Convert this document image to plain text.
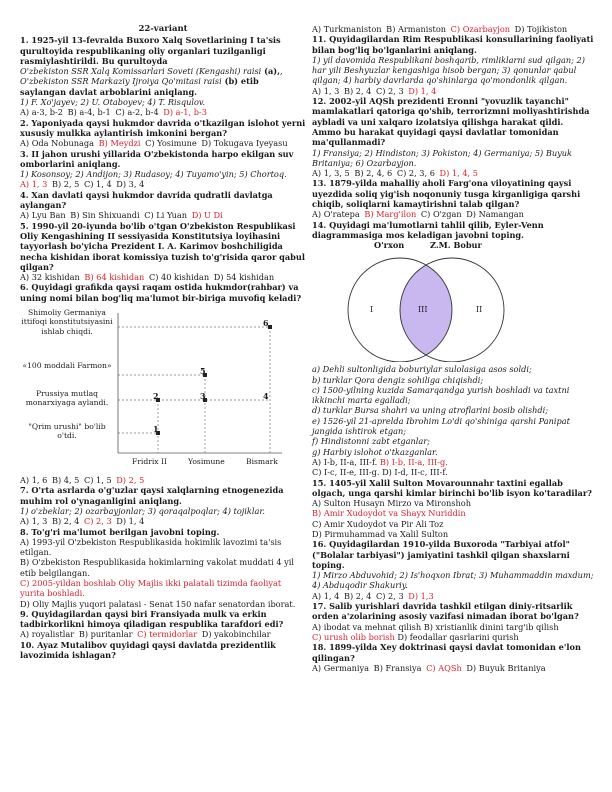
22-variant
1. 1925-yil 13-fevralda Buxoro Xalq Sovetlarining I ta'sis qurultoyida respublikaning oliy organlari tuzilganligi rasmiylashtirildi. Bu qurultoyda
O'zbekiston SSR Xalq Komissarlari Soveti (Kengashi) raisi (a),, O'zbekiston SSR Markaziy Ijroiya Qo'mitasi raisi (b) etib saylangan davlat arboblarini aniqlang.
1) F. Xo'jayev; 2) U. Otaboyev; 4) T. Risqulov.
A) a-3, b-2 B) a-4, b-1 C) a-2, b-4 D) a-1, b-3
2. Yaponiyada qaysi hukmdor davrida o'tkazilgan islohot yerni xususiy mulkka aylantirish imkonini bergan?
A) Oda Nobunaga B) Meydzi C) Yosimune D) Tokugava Iyeyasu
3. II jahon urushi yillarida O'zbekistonda harpo ekilgan suv omborlarini aniqlang.
1) Kosonsoy; 2) Andijon; 3) Rudasoy; 4) Tuyamo'yin; 5) Chortoq.
A) 1, 3 B) 2, 5 C) 1, 4 D) 3, 4
4. Xan davlati qaysi hukmdor davrida qudratli davlatga aylangan?
A) Lyu Ban B) Sin Shixuandi C) Li Yuan D) U Di
5. 1990-yil 20-iyunda bo'lib o'tgan O'zbekiston Respublikasi Oliy Kengashining II sessiyasida Konstitutsiya loyihasini tayyorlash bo'yicha Prezident I. A. Karimov boshchiligida necha kishidan iborat komissiya tuzish to'g'risida qaror qabul qilgan?
A) 32 kishidan B) 64 kishidan C) 40 kishidan D) 54 kishidan
6. Quyidagi grafikda qaysi raqam ostida hukmdor(rahbar) va uning nomi bilan bog'liq ma'lumot bir-biriga muvofiq keladi?
Shimoliy Germaniya ittifoqi konstitutsiyasini ishlab chiqdi.
«100 moddali Farmon»
Prussiya mutlaq monarxiyaga aylandi.
"Qrim urushi" bo'lib o'tdi.
1
2	3	4
5
6
Fridrix II	Yosimune	Bismark
A) 1, 6 B) 4, 5 C) 1, 5 D) 2, 5
7. O'rta asrlarda o'g'uzlar qaysi xalqlarning etnogenezida muhim rol o'ynaganligini aniqlang.
1) o'zbeklar; 2) ozarbayjonlar; 3) qoraqalpoqlar; 4) tojiklar.
A) 1, 3 B) 2, 4 C) 2, 3 D) 1, 4
8. To'g'ri ma'lumot berilgan javobni toping.
A) 1993-yil O'zbekiston Respublikasida hokimlik lavozimi ta'sis etilgan.
B) O'zbekiston Respublikasida hokimlarning vakolat muddati 4 yil etib belgilangan.
C) 2005-yildan boshlab Oliy Majlis ikki palatali tizimda faoliyat yurita boshladi.
D) Oliy Majlis yuqori palatasi - Senat 150 nafar senatordan iborat.
9. Quyidagilardan qaysi biri Fransiyada mulk va erkin tadbirkorlikni himoya qiladigan respublika tarafdori edi?
A) royalistlar B) puritanlar C) termidorlar D) yakobinchilar
10. Ayaz Mutalibov quyidagi qaysi davlatda prezidentlik lavozimida ishlagan?
A) Turkmaniston B) Armaniston C) Ozarbayjon D) Tojikiston
11. Quyidagilardan Rim Respublikasi konsullarining faoliyati bilan bog'liq bo'lganlarini aniqlang.
1) yil davomida Respublikani boshqarib, rimliklarni sud qilgan; 2) har yili Beshyuzlar kengashiga hisob bergan; 3) qonunlar qabul qilgan; 4) harbiy davrlarda qo'shinlarga qo'mondonlik qilgan.
A) 1, 3 B) 2, 4 C) 2, 3 D) 1, 4
12. 2002-yil AQSh prezidenti Eronni "yovuzlik tayanchi" mamlakatlari qatoriga qo'shib, terrorizmni moliyashtirishda aybladi va uni xalqaro izolatsiya qilishga harakat qildi. Ammo bu harakat quyidagi qaysi davlatlar tomonidan ma'qullanmadi?
1) Fransiya; 2) Hindiston; 3) Pokiston; 4) Germaniya; 5) Buyuk Britaniya; 6) Ozarbayjon.
A) 1, 3, 5 B) 2, 4, 6 C) 2, 3, 6 D) 1, 4, 5
13. 1879-yilda mahalliy aholi Farg'ona viloyatining qaysi uyezdida soliq yig'ish noqonuniy tusga kirganligiga qarshi chiqib, soliqlarni kamaytirishni talab qilgan?
A) O'ratepa B) Marg'ilon C) O'zgan D) Namangan
14. Quyidagi ma'lumotlarni tahlil qilib, Eyler-Venn diagrammasiga mos keladigan javobni toping.
O'rxon	Z.M. Bobur
I	III	II
a) Dehli sultonligida boburiylar sulolasiga asos soldi;
b) turklar Qora dengiz sohiliga chiqishdi;
c) 1500-yilning kuzida Samarqandga yurish boshladi va taxtni ikkinchi marta egalladi;
d) turklar Bursa shahri va uning atroflarini bosib olishdi;
e) 1526-yil 21-aprelda Ibrohim Lo'di qo'shiniga qarshi Panipat jangida ishtirok etgan;
f) Hindistonni zabt etganlar;
g) Harbiy islohot o'tkazganlar.
A) I-b, II-a, III-f. B) I-b, II-a, III-g.
C) I-c, II-e, III-g. D) I-d, II-c, III-f.
15. 1405-yil Xalil Sulton Movarounnahr taxtini egallab olgach, unga qarshi kimlar birinchi bo'lib isyon ko'taradilar?
A) Sulton Husayn Mirzo va Mironshoh
B) Amir Xudoydot va Shayx Nuriddin
C) Amir Xudoydot va Pir Ali Toz
D) Pirmuhammad va Xalil Sulton
16. Quyidagilardan 1910-yilda Buxoroda "Tarbiyai atfol" ("Bolalar tarbiyasi") jamiyatini tashkil qilgan shaxslarni toping.
1) Mirzo Abduvohid; 2) Is'hoqxon Ibrat; 3) Muhammaddin maxdum; 4) Abduqodir Shakuriy.
A) 1, 4 B) 2, 4 C) 2, 3 D) 1,3
17. Salib yurishlari davrida tashkil etilgan diniy-ritsarlik orden a'zolarining asosiy vazifasi nimadan iborat bo'lgan?
A) ibodat va mehnat qilish B) xristianlik dinini targ'ib qilish
C) urush olib borish D) feodallar qasrlarini qurish
18. 1899-yilda Xey doktrinasi qaysi davlat tomonidan e'lon qilingan?
A) Germaniya B) Fransiya C) AQSh D) Buyuk Britaniya
